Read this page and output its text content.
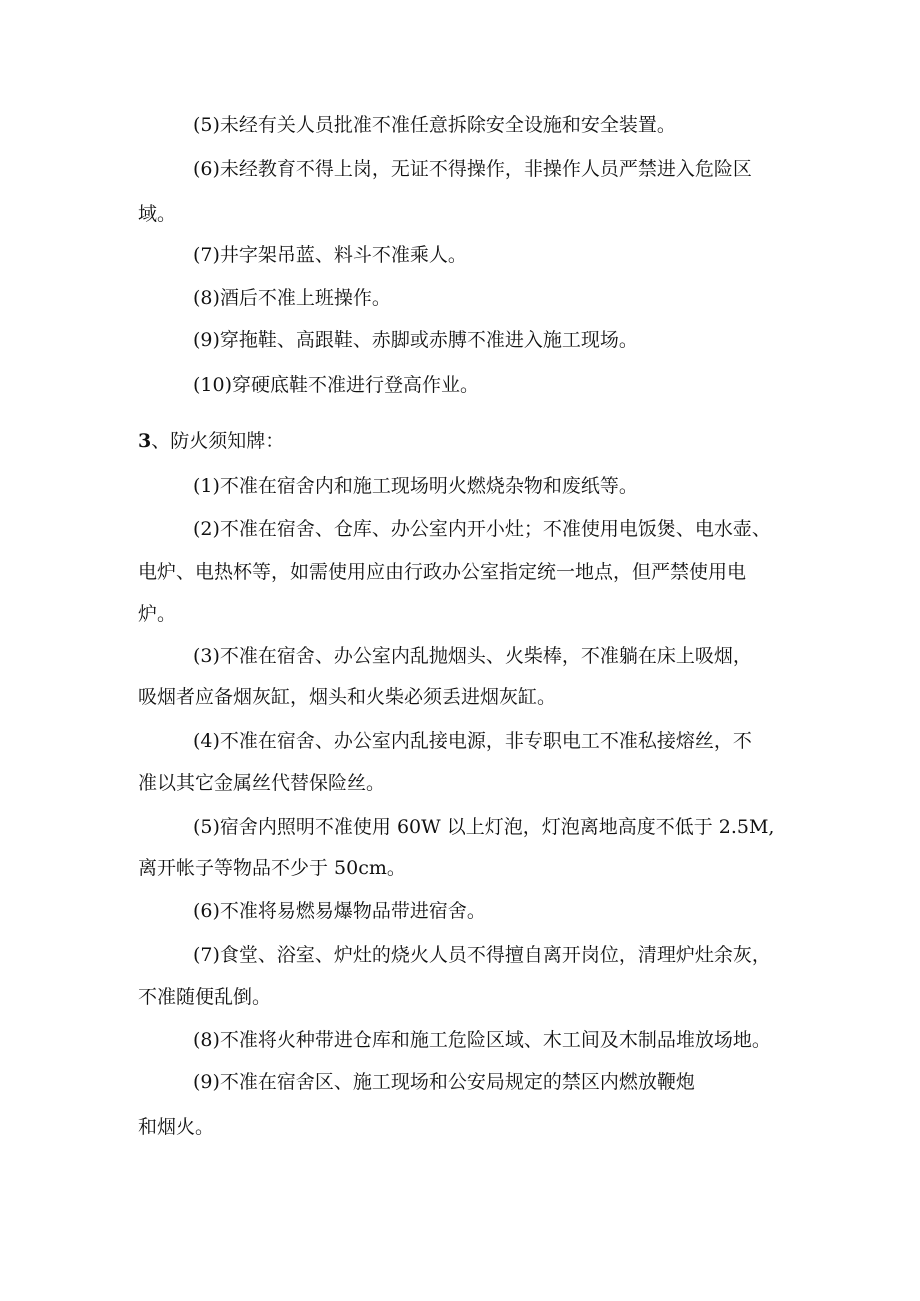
(5)未经有关人员批准不准任意拆除安全设施和安全装置。
(6)未经教育不得上岗，无证不得操作，非操作人员严禁进入危险区
域。
(7)井字架吊蓝、料斗不准乘人。
(8)酒后不准上班操作。
(9)穿拖鞋、高跟鞋、赤脚或赤膊不准进入施工现场。
(10)穿硬底鞋不准进行登高作业。
3、防火须知牌：
(1)不准在宿舍内和施工现场明火燃烧杂物和废纸等。
(2)不准在宿舍、仓库、办公室内开小灶；不准使用电饭煲、电水壶、
电炉、电热杯等，如需使用应由行政办公室指定统一地点，但严禁使用电
炉。
(3)不准在宿舍、办公室内乱抛烟头、火柴棒，不准躺在床上吸烟，
吸烟者应备烟灰缸，烟头和火柴必须丢进烟灰缸。
(4)不准在宿舍、办公室内乱接电源，非专职电工不准私接熔丝，不
准以其它金属丝代替保险丝。
(5)宿舍内照明不准使用 60W 以上灯泡，灯泡离地高度不低于 2.5M,
离开帐子等物品不少于 50cm。
(6)不准将易燃易爆物品带进宿舍。
(7)食堂、浴室、炉灶的烧火人员不得擅自离开岗位，清理炉灶余灰，
不准随便乱倒。
(8)不准将火种带进仓库和施工危险区域、木工间及木制品堆放场地。
(9)不准在宿舍区、施工现场和公安局规定的禁区内燃放鞭炮
和烟火。
